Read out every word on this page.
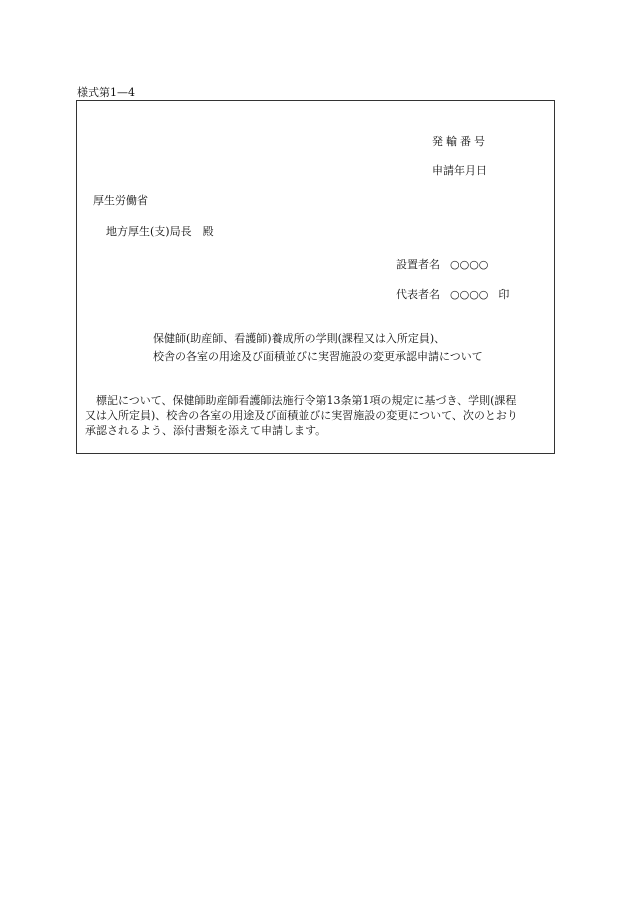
様式第1—4
発輸番号
申請年月日
厚生労働省
地方厚生(支)局長　殿
設置者名 ○○○○
代表者名 ○○○○ 印
保健師(助産師、看護師)養成所の学則(課程又は入所定員)、
校舎の各室の用途及び面積並びに実習施設の変更承認申請について
　標記について、保健師助産師看護師法施行令第13条第1項の規定に基づき、学則(課程
又は入所定員)、校舎の各室の用途及び面積並びに実習施設の変更について、次のとおり
承認されるよう、添付書類を添えて申請します。
